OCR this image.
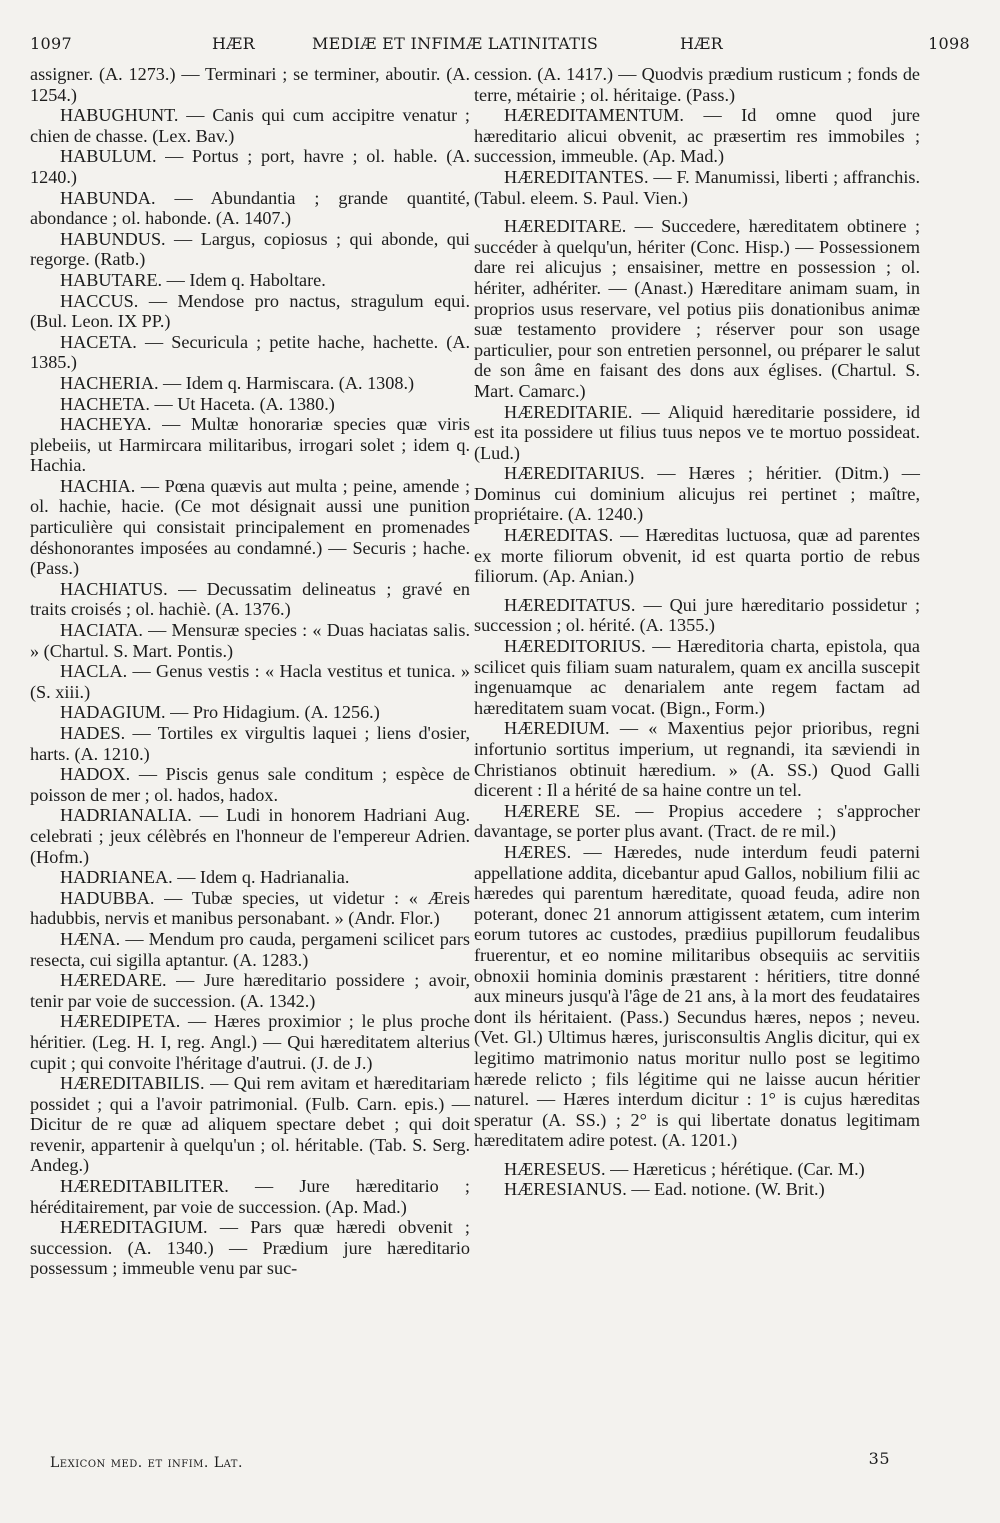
1097	HÆR	MEDIÆ ET INFIMÆ LATINITATIS	HÆR	1098

assigner. (A. 1273.) — Terminari ; se terminer, aboutir. (A. 1254.)

HABUGHUNT. — Canis qui cum accipitre venatur ; chien de chasse. (Lex. Bav.)

HABULUM. — Portus ; port, havre ; ol. hable. (A. 1240.)

HABUNDA. — Abundantia ; grande quantité, abondance ; ol. habonde. (A. 1407.)

HABUNDUS. — Largus, copiosus ; qui abonde, qui regorge. (Ratb.)

HABUTARE. — Idem q. Haboltare.

HACCUS. — Mendose pro nactus, stragulum equi. (Bul. Leon. IX PP.)

HACETA. — Securicula ; petite hache, hachette. (A. 1385.)

HACHERIA. — Idem q. Harmiscara. (A. 1308.)

HACHETA. — Ut Haceta. (A. 1380.)

HACHEYA. — Multæ honorariæ species quæ viris plebeiis, ut Harmircara militaribus, irrogari solet ; idem q. Hachia.

HACHIA. — Pœna quævis aut multa ; peine, amende ; ol. hachie, hacie. (Ce mot désignait aussi une punition particulière qui consistait principalement en promenades déshonorantes imposées au condamné.) — Securis ; hache. (Pass.)

HACHIATUS. — Decussatim delineatus ; gravé en traits croisés ; ol. hachiè. (A. 1376.)

HACIATA. — Mensuræ species : « Duas haciatas salis. » (Chartul. S. Mart. Pontis.)

HACLA. — Genus vestis : « Hacla vestitus et tunica. » (S. xiii.)

HADAGIUM. — Pro Hidagium. (A. 1256.)

HADES. — Tortiles ex virgultis laquei ; liens d'osier, harts. (A. 1210.)

HADOX. — Piscis genus sale conditum ; espèce de poisson de mer ; ol. hados, hadox.

HADRIANALIA. — Ludi in honorem Hadriani Aug. celebrati ; jeux célèbrés en l'honneur de l'empereur Adrien. (Hofm.)

HADRIANEA. — Idem q. Hadrianalia.

HADUBBA. — Tubæ species, ut videtur : « Æreis hadubbis, nervis et manibus personabant. » (Andr. Flor.)

HÆNA. — Mendum pro cauda, pergameni scilicet pars resecta, cui sigilla aptantur. (A. 1283.)

HÆREDARE. — Jure hæreditario possidere ; avoir, tenir par voie de succession. (A. 1342.)

HÆREDIPETA. — Hæres proximior ; le plus proche héritier. (Leg. H. I, reg. Angl.) — Qui hæreditatem alterius cupit ; qui convoite l'héritage d'autrui. (J. de J.)

HÆREDITABILIS. — Qui rem avitam et hæreditariam possidet ; qui a l'avoir patrimonial. (Fulb. Carn. epis.) — Dicitur de re quæ ad aliquem spectare debet ; qui doit revenir, appartenir à quelqu'un ; ol. héritable. (Tab. S. Serg. Andeg.)

HÆREDITABILITER. — Jure hæreditario ; héréditairement, par voie de succession. (Ap. Mad.)

HÆREDITAGIUM. — Pars quæ hæredi obvenit ; succession. (A. 1340.) — Prædium jure hæreditario possessum ; immeuble venu par suc-

cession. (A. 1417.) — Quodvis prædium rusticum ; fonds de terre, métairie ; ol. héritaige. (Pass.)

HÆREDITAMENTUM. — Id omne quod jure hæreditario alicui obvenit, ac præsertim res immobiles ; succession, immeuble. (Ap. Mad.)

HÆREDITANTES. — F. Manumissi, liberti ; affranchis. (Tabul. eleem. S. Paul. Vien.)

HÆREDITARE. — Succedere, hæreditatem obtinere ; succéder à quelqu'un, hériter (Conc. Hisp.) — Possessionem dare rei alicujus ; ensaisiner, mettre en possession ; ol. hériter, adhériter. — (Anast.) Hæreditare animam suam, in proprios usus reservare, vel potius piis donationibus animæ suæ testamento providere ; réserver pour son usage particulier, pour son entretien personnel, ou préparer le salut de son âme en faisant des dons aux églises. (Chartul. S. Mart. Camarc.)

HÆREDITARIE. — Aliquid hæreditarie possidere, id est ita possidere ut filius tuus nepos ve te mortuo possideat. (Lud.)

HÆREDITARIUS. — Hæres ; héritier. (Ditm.) — Dominus cui dominium alicujus rei pertinet ; maître, propriétaire. (A. 1240.)

HÆREDITAS. — Hæreditas luctuosa, quæ ad parentes ex morte filiorum obvenit, id est quarta portio de rebus filiorum. (Ap. Anian.)

HÆREDITATUS. — Qui jure hæreditario possidetur ; succession ; ol. hérité. (A. 1355.)

HÆREDITORIUS. — Hæreditoria charta, epistola, qua scilicet quis filiam suam naturalem, quam ex ancilla suscepit ingenuamque ac denarialem ante regem factam ad hæreditatem suam vocat. (Bign., Form.)

HÆREDIUM. — « Maxentius pejor prioribus, regni infortunio sortitus imperium, ut regnandi, ita sæviendi in Christianos obtinuit hæredium. » (A. SS.) Quod Galli dicerent : Il a hérité de sa haine contre un tel.

HÆRERE SE. — Propius accedere ; s'approcher davantage, se porter plus avant. (Tract. de re mil.)

HÆRES. — Hæredes, nude interdum feudi paterni appellatione addita, dicebantur apud Gallos, nobilium filii ac hæredes qui parentum hæreditate, quoad feuda, adire non poterant, donec 21 annorum attigissent ætatem, cum interim eorum tutores ac custodes, prædiius pupillorum feudalibus fruerentur, et eo nomine militaribus obsequiis ac servitiis obnoxii hominia dominis præstarent : héritiers, titre donné aux mineurs jusqu'à l'âge de 21 ans, à la mort des feudataires dont ils héritaient. (Pass.) Secundus hæres, nepos ; neveu. (Vet. Gl.) Ultimus hæres, jurisconsultis Anglis dicitur, qui ex legitimo matrimonio natus moritur nullo post se legitimo hærede relicto ; fils légitime qui ne laisse aucun héritier naturel. — Hæres interdum dicitur : 1° is cujus hæreditas speratur (A. SS.) ; 2° is qui libertate donatus legitimam hæreditatem adire potest. (A. 1201.)

HÆRESEUS. — Hæreticus ; hérétique. (Car. M.)

HÆRESIANUS. — Ead. notione. (W. Brit.)

Lexicon med. et infim. Lat.	35
